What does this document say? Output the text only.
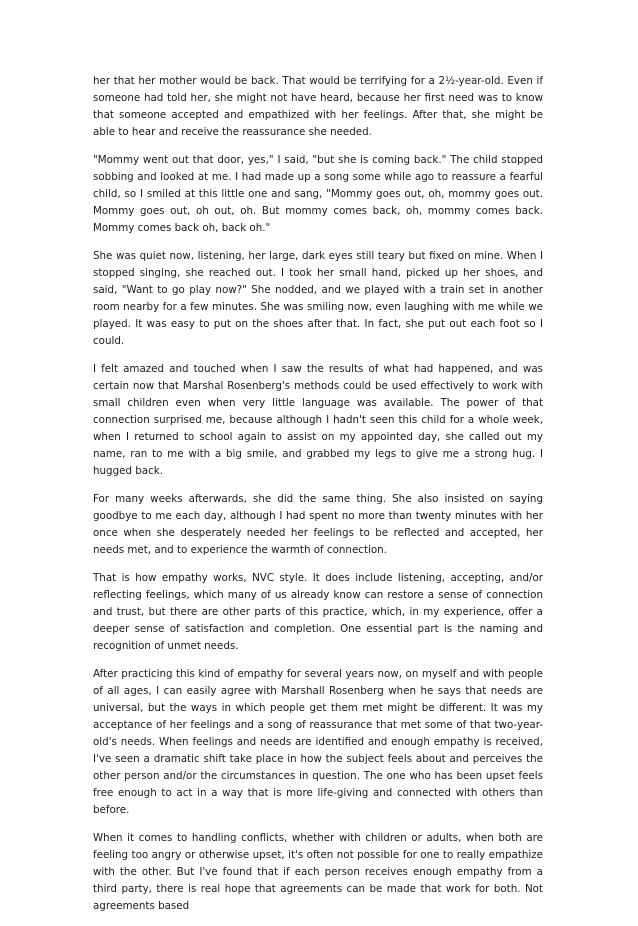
her that her mother would be back. That would be terrifying for a 2½-year-old. Even if someone had told her, she might not have heard, because her first need was to know that someone accepted and empathized with her feelings. After that, she might be able to hear and receive the reassurance she needed.

"Mommy went out that door, yes," I said, "but she is coming back." The child stopped sobbing and looked at me. I had made up a song some while ago to reassure a fearful child, so I smiled at this little one and sang, "Mommy goes out, oh, mommy goes out. Mommy goes out, oh out, oh. But mommy comes back, oh, mommy comes back. Mommy comes back oh, back oh."

She was quiet now, listening, her large, dark eyes still teary but fixed on mine. When I stopped singing, she reached out. I took her small hand, picked up her shoes, and said, "Want to go play now?" She nodded, and we played with a train set in another room nearby for a few minutes. She was smiling now, even laughing with me while we played. It was easy to put on the shoes after that. In fact, she put out each foot so I could.

I felt amazed and touched when I saw the results of what had happened, and was certain now that Marshal Rosenberg's methods could be used effectively to work with small children even when very little language was available. The power of that connection surprised me, because although I hadn't seen this child for a whole week, when I returned to school again to assist on my appointed day, she called out my name, ran to me with a big smile, and grabbed my legs to give me a strong hug. I hugged back.

For many weeks afterwards, she did the same thing. She also insisted on saying goodbye to me each day, although I had spent no more than twenty minutes with her once when she desperately needed her feelings to be reflected and accepted, her needs met, and to experience the warmth of connection.

That is how empathy works, NVC style. It does include listening, accepting, and/or reflecting feelings, which many of us already know can restore a sense of connection and trust, but there are other parts of this practice, which, in my experience, offer a deeper sense of satisfaction and completion. One essential part is the naming and recognition of unmet needs.

After practicing this kind of empathy for several years now, on myself and with people of all ages, I can easily agree with Marshall Rosenberg when he says that needs are universal, but the ways in which people get them met might be different. It was my acceptance of her feelings and a song of reassurance that met some of that two-year-old's needs. When feelings and needs are identified and enough empathy is received, I've seen a dramatic shift take place in how the subject feels about and perceives the other person and/or the circumstances in question. The one who has been upset feels free enough to act in a way that is more life-giving and connected with others than before.

When it comes to handling conflicts, whether with children or adults, when both are feeling too angry or otherwise upset, it's often not possible for one to really empathize with the other. But I've found that if each person receives enough empathy from a third party, there is real hope that agreements can be made that work for both. Not agreements based
